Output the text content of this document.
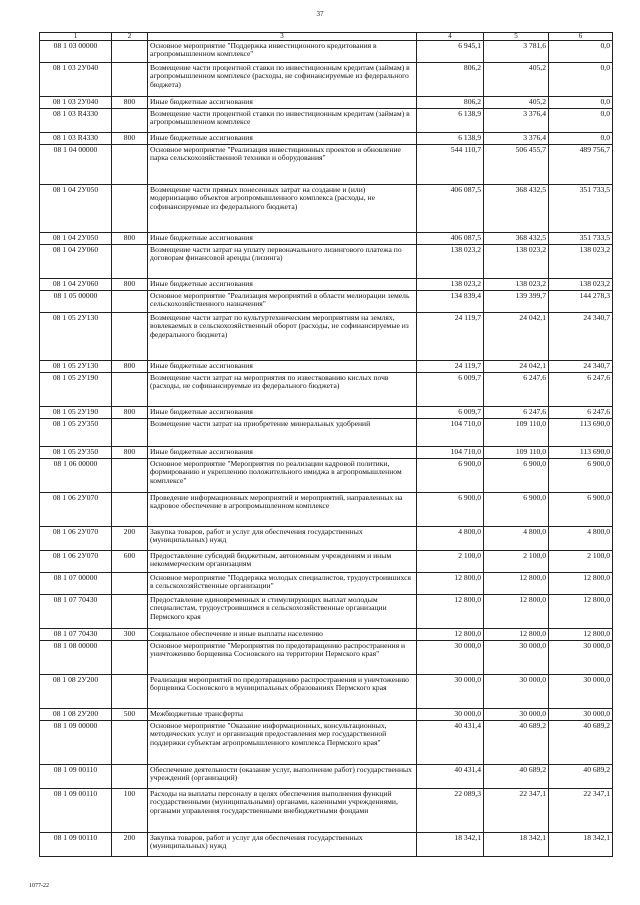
37
1	2	3	4	5	6
08 1 03 00000		Основное мероприятие "Поддержка инвестиционного кредитования в агропромышленном комплексе"	6 945,1	3 781,6	0,0
08 1 03 2У040		Возмещение части процентной ставки по инвестиционным кредитам (займам) в агропромышленном комплексе (расходы, не софинансируемые из федерального бюджета)	806,2	405,2	0,0
08 1 03 2У040	800	Иные бюджетные ассигнования	806,2	405,2	0,0
08 1 03 R4330		Возмещение части процентной ставки по инвестиционным кредитам (займам) в агропромышленном комплексе	6 138,9	3 376,4	0,0
08 1 03 R4330	800	Иные бюджетные ассигнования	6 138,9	3 376,4	0,0
08 1 04 00000		Основное мероприятие "Реализация инвестиционных проектов и обновление парка сельскохозяйственной техники и оборудования"	544 110,7	506 455,7	489 756,7
08 1 04 2У050		Возмещение части прямых понесенных затрат на создание и (или) модернизацию объектов агропромышленного комплекса (расходы, не софинансируемые из федерального бюджета)	406 087,5	368 432,5	351 733,5
08 1 04 2У050	800	Иные бюджетные ассигнования	406 087,5	368 432,5	351 733,5
08 1 04 2У060		Возмещение части затрат на уплату первоначального лизингового платежа по договорам финансовой аренды (лизинга)	138 023,2	138 023,2	138 023,2
08 1 04 2У060	800	Иные бюджетные ассигнования	138 023,2	138 023,2	138 023,2
08 1 05 00000		Основное мероприятие "Реализация мероприятий в области мелиорации земель сельскохозяйственного назначения"	134 839,4	139 399,7	144 278,3
08 1 05 2У130		Возмещение части затрат по культуртехническим мероприятиям на землях, вовлекаемых в сельскохозяйственный оборот (расходы, не софинансируемые из федерального бюджета)	24 119,7	24 042,1	24 340,7
08 1 05 2У130	800	Иные бюджетные ассигнования	24 119,7	24 042,1	24 340,7
08 1 05 2У190		Возмещение части затрат на мероприятия по известкованию кислых почв (расходы, не софинансируемые из федерального бюджета)	6 009,7	6 247,6	6 247,6
08 1 05 2У190	800	Иные бюджетные ассигнования	6 009,7	6 247,6	6 247,6
08 1 05 2У350		Возмещение части затрат на приобретение минеральных удобрений	104 710,0	109 110,0	113 690,0
08 1 05 2У350	800	Иные бюджетные ассигнования	104 710,0	109 110,0	113 690,0
08 1 06 00000		Основное мероприятие "Мероприятия по реализации кадровой политики, формированию и укреплению положительного имиджа в агропромышленном комплексе"	6 900,0	6 900,0	6 900,0
08 1 06 2У070		Проведение информационных мероприятий и мероприятий, направленных на кадровое обеспечение в агропромышленном комплексе	6 900,0	6 900,0	6 900,0
08 1 06 2У070	200	Закупка товаров, работ и услуг для обеспечения государственных (муниципальных) нужд	4 800,0	4 800,0	4 800,0
08 1 06 2У070	600	Предоставление субсидий бюджетным, автономным учреждениям и иным некоммерческим организациям	2 100,0	2 100,0	2 100,0
08 1 07 00000		Основное мероприятие "Поддержка молодых специалистов, трудоустроившихся в сельскохозяйственные организации"	12 800,0	12 800,0	12 800,0
08 1 07 70430		Предоставление единовременных и стимулирующих выплат молодым специалистам, трудоустроившимся в сельскохозяйственные организации Пермского края	12 800,0	12 800,0	12 800,0
08 1 07 70430	300	Социальное обеспечение и иные выплаты населению	12 800,0	12 800,0	12 800,0
08 1 08 00000		Основное мероприятие "Мероприятия по предотвращению распространения и уничтожению борщевика Сосновского на территории Пермского края"	30 000,0	30 000,0	30 000,0
08 1 08 2У200		Реализация мероприятий по предотвращению распространения и уничтожению борщевика Сосновского в муниципальных образованиях Пермского края	30 000,0	30 000,0	30 000,0
08 1 08 2У200	500	Межбюджетные трансферты	30 000,0	30 000,0	30 000,0
08 1 09 00000		Основное мероприятие "Оказание информационных, консультационных, методических услуг и организация предоставления мер государственной поддержки субъектам агропромышленного комплекса Пермского края"	40 431,4	40 689,2	40 689,2
08 1 09 00110		Обеспечение деятельности (оказание услуг, выполнение работ) государственных учреждений (организаций)	40 431,4	40 689,2	40 689,2
08 1 09 00110	100	Расходы на выплаты персоналу в целях обеспечения выполнения функций государственными (муниципальными) органами, казенными учреждениями, органами управления государственными внебюджетными фондами	22 089,3	22 347,1	22 347,1
08 1 09 00110	200	Закупка товаров, работ и услуг для обеспечения государственных (муниципальных) нужд	18 342,1	18 342,1	18 342,1
1077-22
